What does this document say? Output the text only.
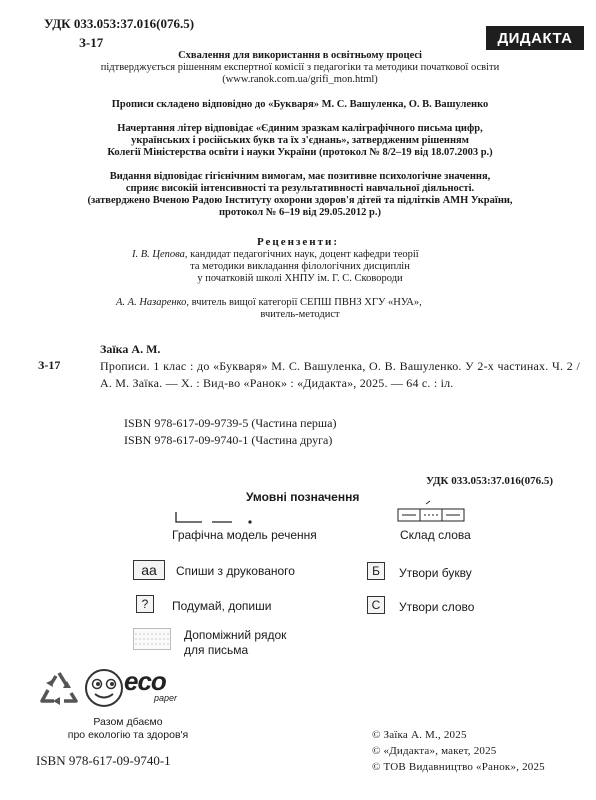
УДК 033.053:37.016(076.5)
З-17	ДИДАКТА
Схвалення для використання в освітньому процесі
підтверджується рішенням експертної комісії з педагогіки та методики початкової освіти
(www.ranok.com.ua/grifi_mon.html)
Прописи складено відповідно до «Букваря» М. С. Вашуленка, О. В. Вашуленко
Начертання літер відповідає «Єдиним зразкам каліграфічного письма цифр,
українських і російських букв та їх з'єднань», затвердженим рішенням
Колегії Міністерства освіти і науки України (протокол № 8/2–19 від 18.07.2003 р.)
Видання відповідає гігієнічним вимогам, має позитивне психологічне значення,
сприяє високій інтенсивності та результативності навчальної діяльності.
(затверджено Вченою Радою Інституту охорони здоров'я дітей та підлітків АМН України,
протокол № 6–19 від 29.05.2012 р.)
Рецензенти:
І. В. Цепова, кандидат педагогічних наук, доцент кафедри теорії
та методики викладання філологічних дисциплін
у початковій школі ХНПУ ім. Г. С. Сковороди
А. А. Назаренко, вчитель вищої категорії СЕПШ ПВНЗ ХГУ «НУА»,
вчитель-методист
Заїка А. М.
З-17	Прописи. 1 клас : до «Букваря» М. С. Вашуленка, О. В. Вашуленко. У 2-х частинах. Ч. 2 / А. М. Заїка. — Х. : Вид-во «Ранок» : «Дидакта», 2025. — 64 с. : іл.
ISBN 978-617-09-9739-5 (Частина перша)
ISBN 978-617-09-9740-1 (Частина друга)
УДК 033.053:37.016(076.5)
Умовні позначення
Графічна модель речення	Склад слова
аa	Спиши з друкованого	Б	Утвори букву
?	Подумай, допиши	С	Утвори слово
Допоміжний рядок
для письма
eco
paper
Разом дбаємо
про екологію та здоров'я
ISBN 978-617-09-9740-1
© Заїка А. М., 2025
© «Дидакта», макет, 2025
© ТОВ Видавництво «Ранок», 2025
